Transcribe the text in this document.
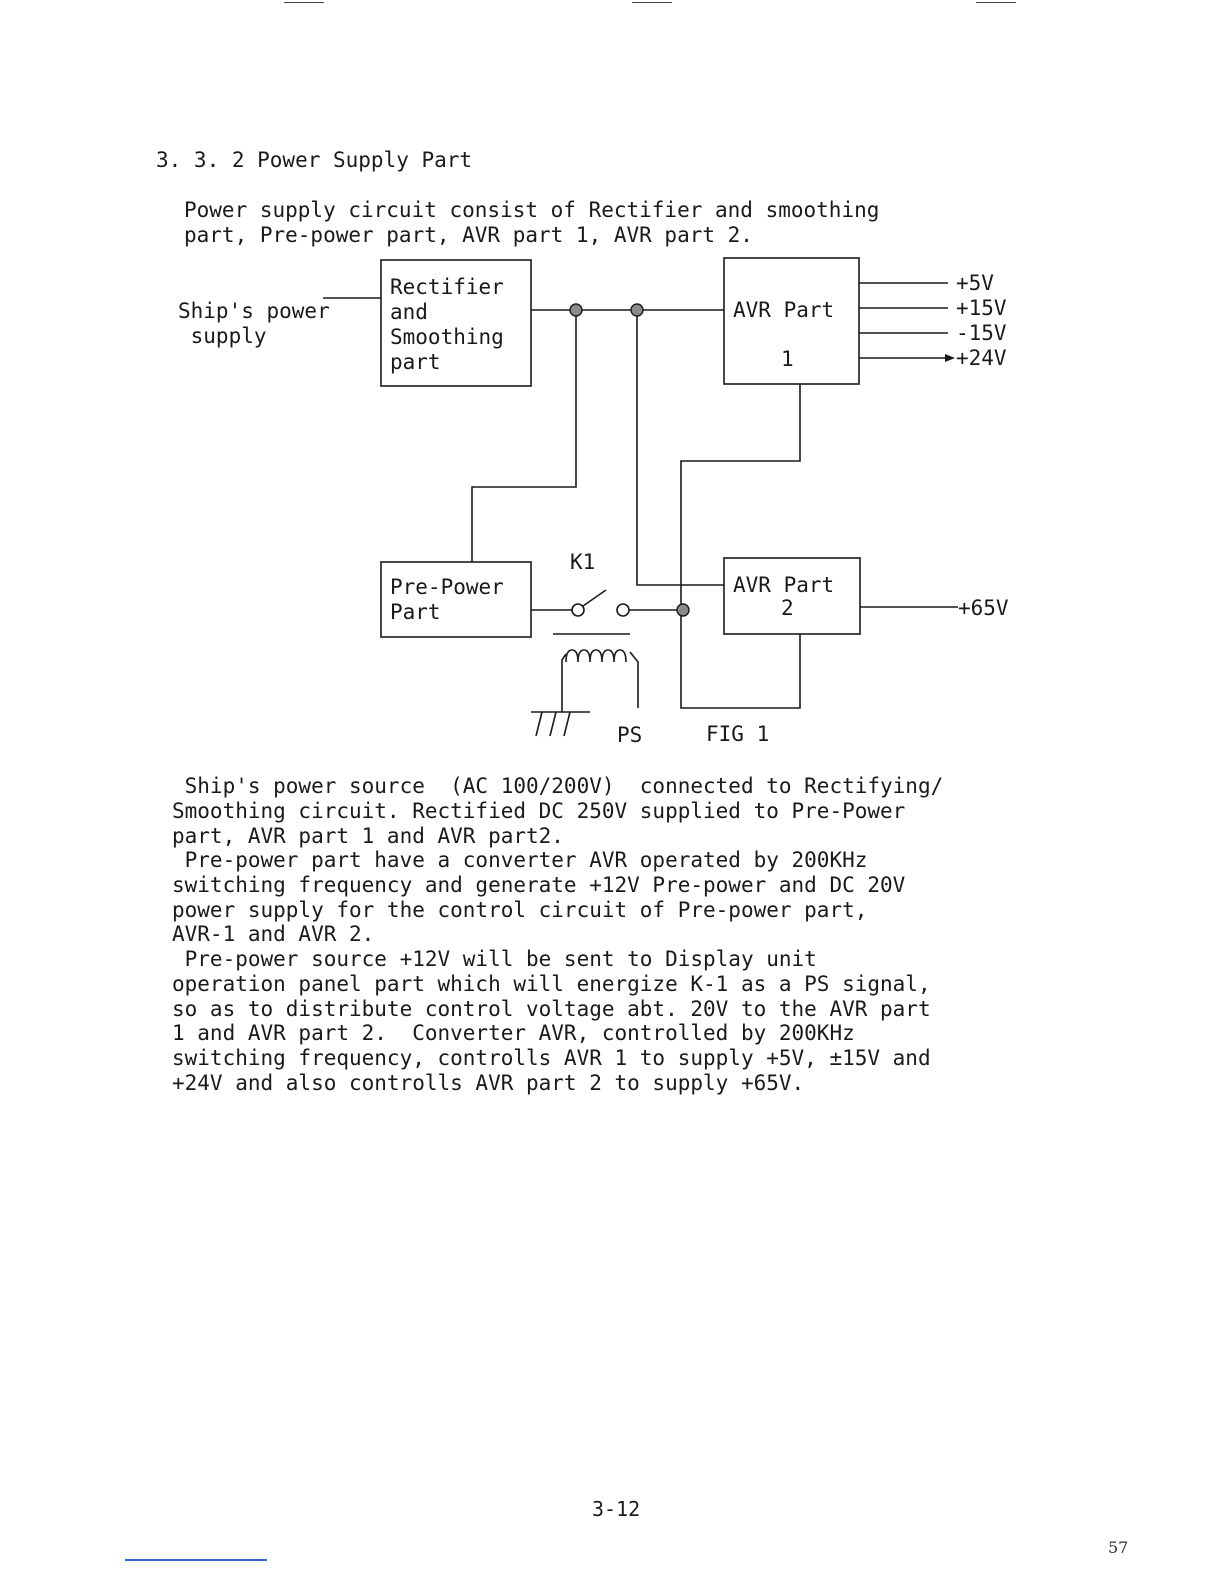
3. 3. 2 Power Supply Part
Power supply circuit consist of Rectifier and smoothing
part, Pre-power part, AVR part 1, AVR part 2.
Rectifier
and
Smoothing
part
AVR Part
1
Pre-Power
Part
AVR Part
2
+5V
+15V
-15V
+24V
+65V
K1
PS	FIG 1
Ship's power
supply
Ship's power source  (AC 100/200V)  connected to Rectifying/
Smoothing circuit. Rectified DC 250V supplied to Pre-Power
part, AVR part 1 and AVR part2.
Pre-power part have a converter AVR operated by 200KHz
switching frequency and generate +12V Pre-power and DC 20V
power supply for the control circuit of Pre-power part,
AVR-1 and AVR 2.
Pre-power source +12V will be sent to Display unit
operation panel part which will energize K-1 as a PS signal,
so as to distribute control voltage abt. 20V to the AVR part
1 and AVR part 2.  Converter AVR, controlled by 200KHz
switching frequency, controlls AVR 1 to supply +5V, ±15V and
+24V and also controlls AVR part 2 to supply +65V.
3-12
57
